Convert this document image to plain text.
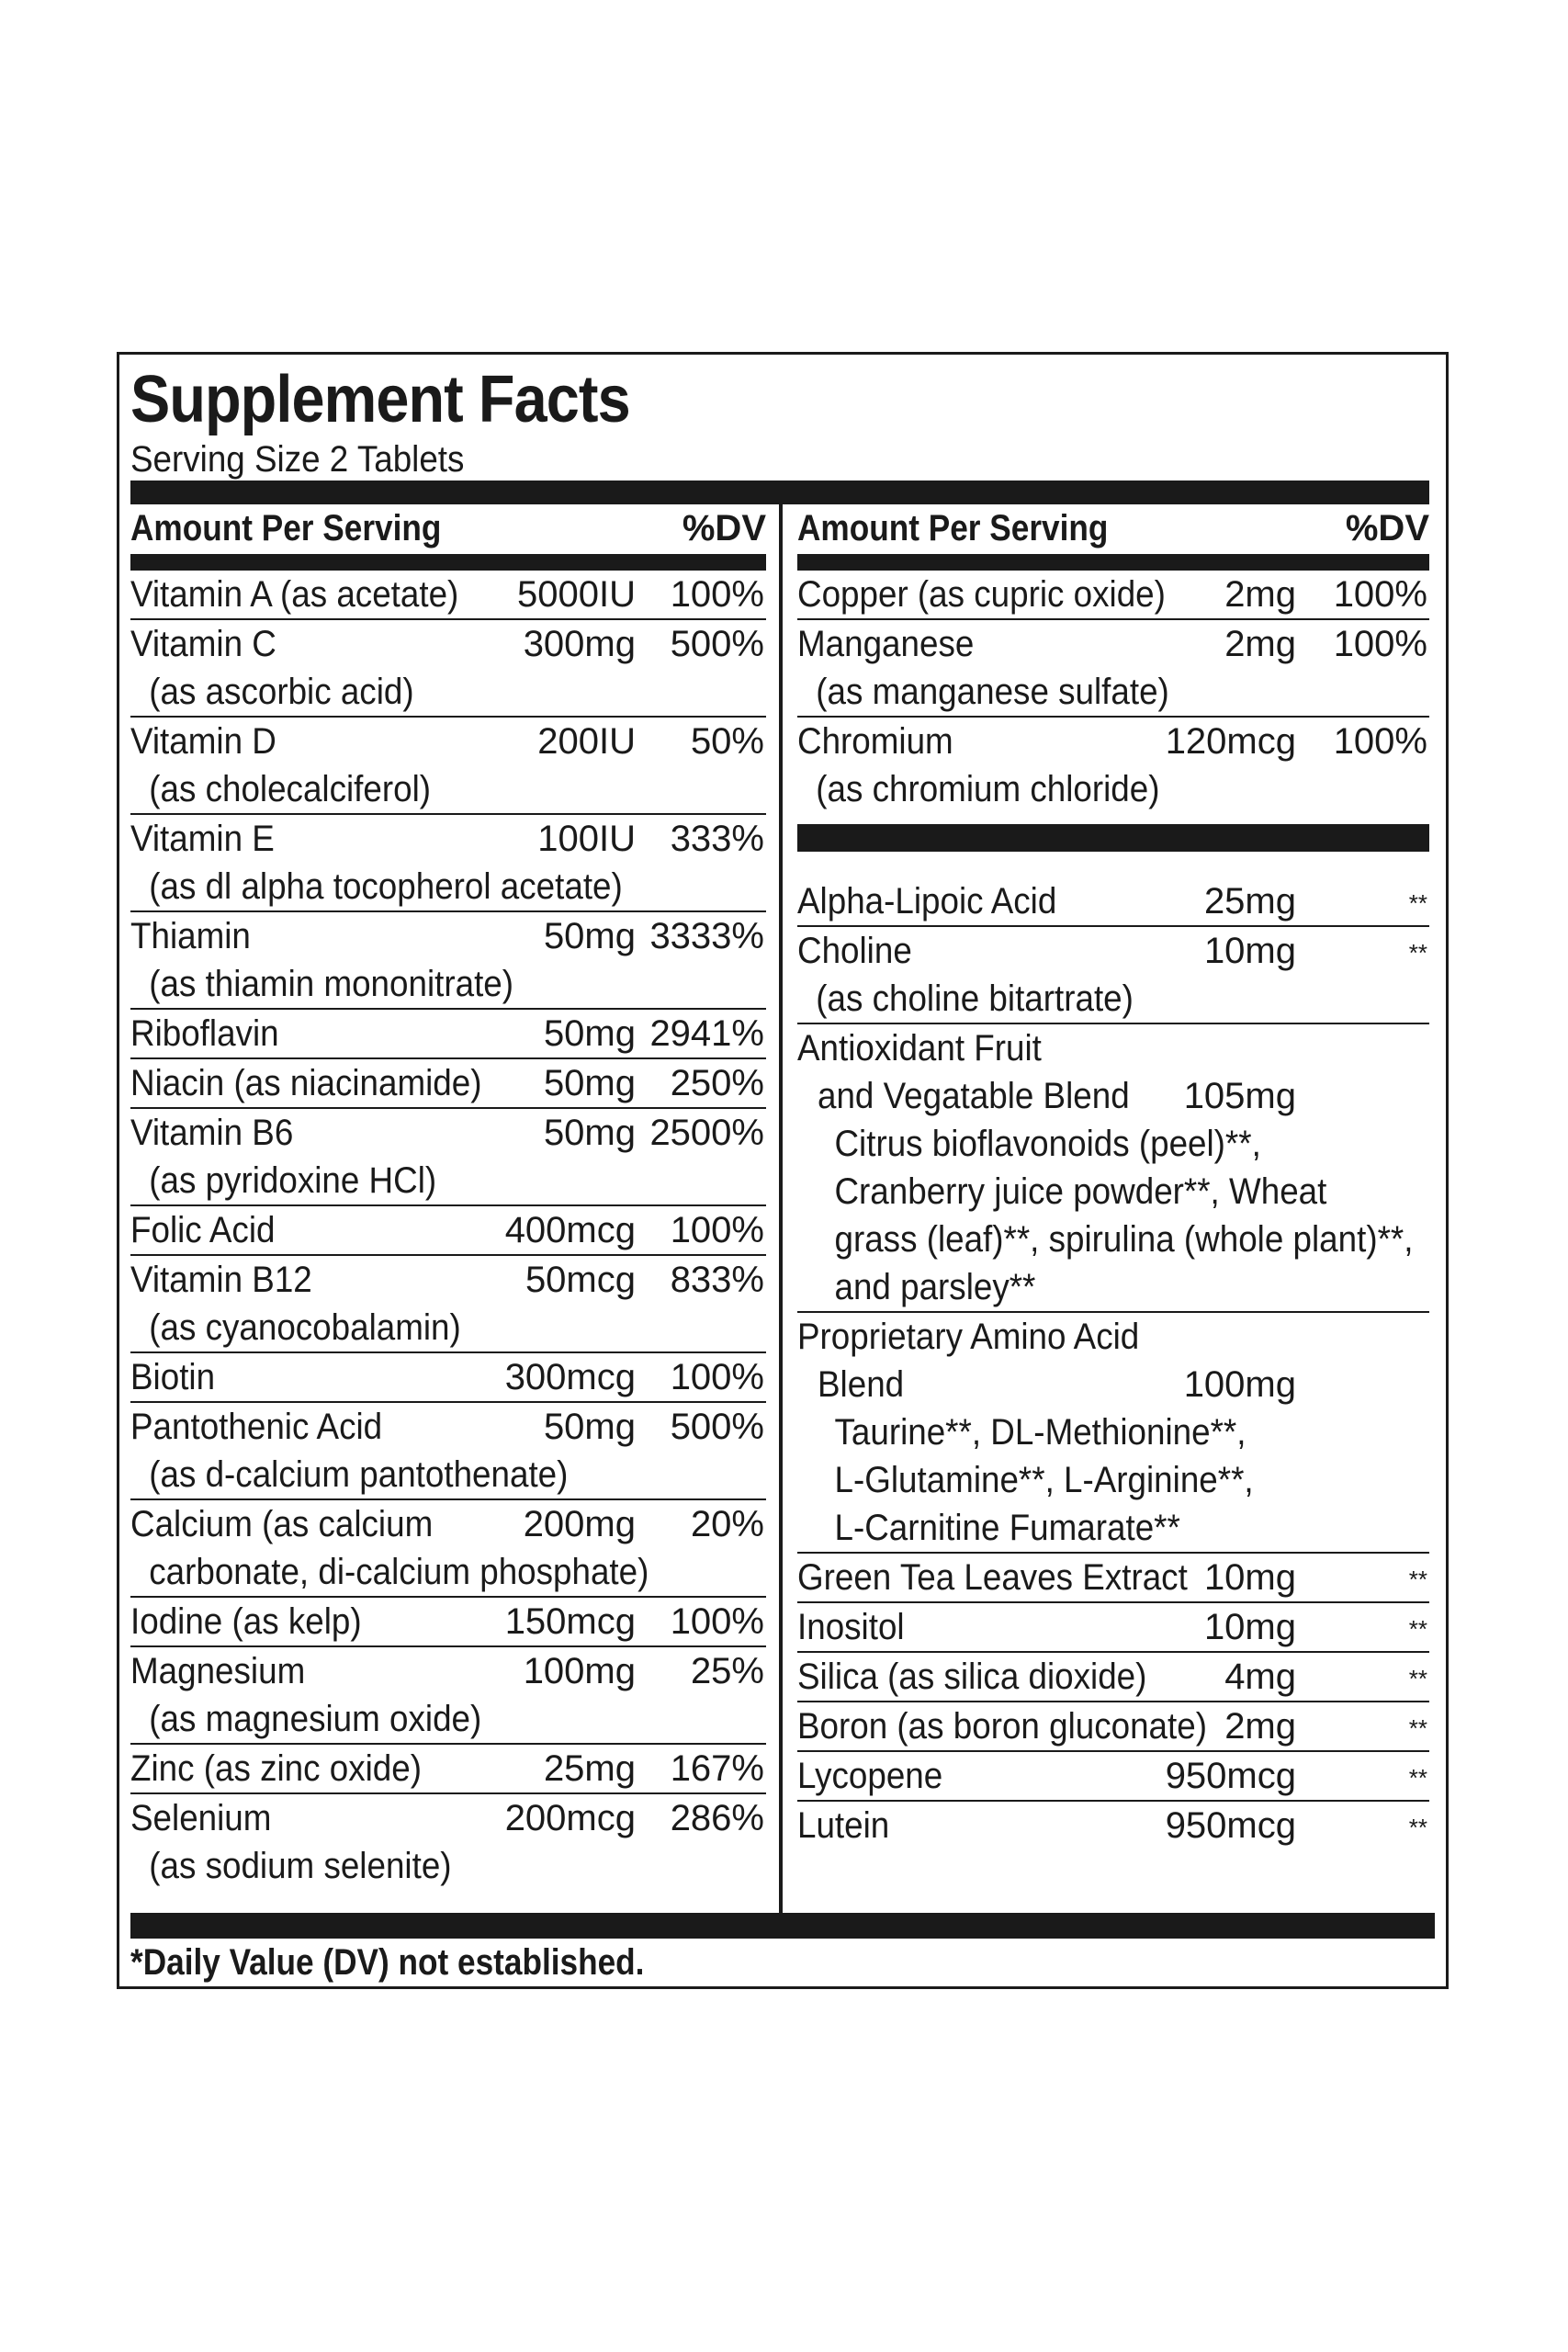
Supplement Facts
Serving Size 2 Tablets
Amount Per Serving	%DV
Vitamin A (as acetate) 5000IU 100%
Vitamin C	300mg 500%
(as ascorbic acid)
Vitamin D	200IU 50%
(as cholecalciferol)
Vitamin E	100IU 333%
(as dl alpha tocopherol acetate)
Thiamin	50mg 3333%
(as thiamin mononitrate)
Riboflavin	50mg 2941%
Niacin (as niacinamide) 50mg 250%
Vitamin B6	50mg 2500%
(as pyridoxine HCl)
Folic Acid	400mcg 100%
Vitamin B12	50mcg 833%
(as cyanocobalamin)
Biotin	300mcg 100%
Pantothenic Acid	50mg 500%
(as d-calcium pantothenate)
Calcium (as calcium 200mg 20%
carbonate, di-calcium phosphate)
Iodine (as kelp)	150mcg 100%
Magnesium	100mg 25%
(as magnesium oxide)
Zinc (as zinc oxide)	25mg 167%
Selenium	200mcg 286%
(as sodium selenite)
Amount Per Serving	%DV
Copper (as cupric oxide) 2mg 100%
Manganese	2mg 100%
(as manganese sulfate)
Chromium	120mcg 100%
(as chromium chloride)
Alpha-Lipoic Acid	25mg	**
Choline	10mg	**
(as choline bitartrate)
Antioxidant Fruit
and Vegatable Blend 105mg
Citrus bioflavonoids (peel)**,
Cranberry juice powder**, Wheat
grass (leaf)**, spirulina (whole plant)**,
and parsley**
Proprietary Amino Acid
Blend	100mg
Taurine**, DL-Methionine**,
L-Glutamine**, L-Arginine**,
L-Carnitine Fumarate**
Green Tea Leaves Extract 10mg	**
Inositol	10mg	**
Silica (as silica dioxide) 4mg	**
Boron (as boron gluconate) 2mg	**
Lycopene	950mcg	**
Lutein	950mcg	**
*Daily Value (DV) not established.
